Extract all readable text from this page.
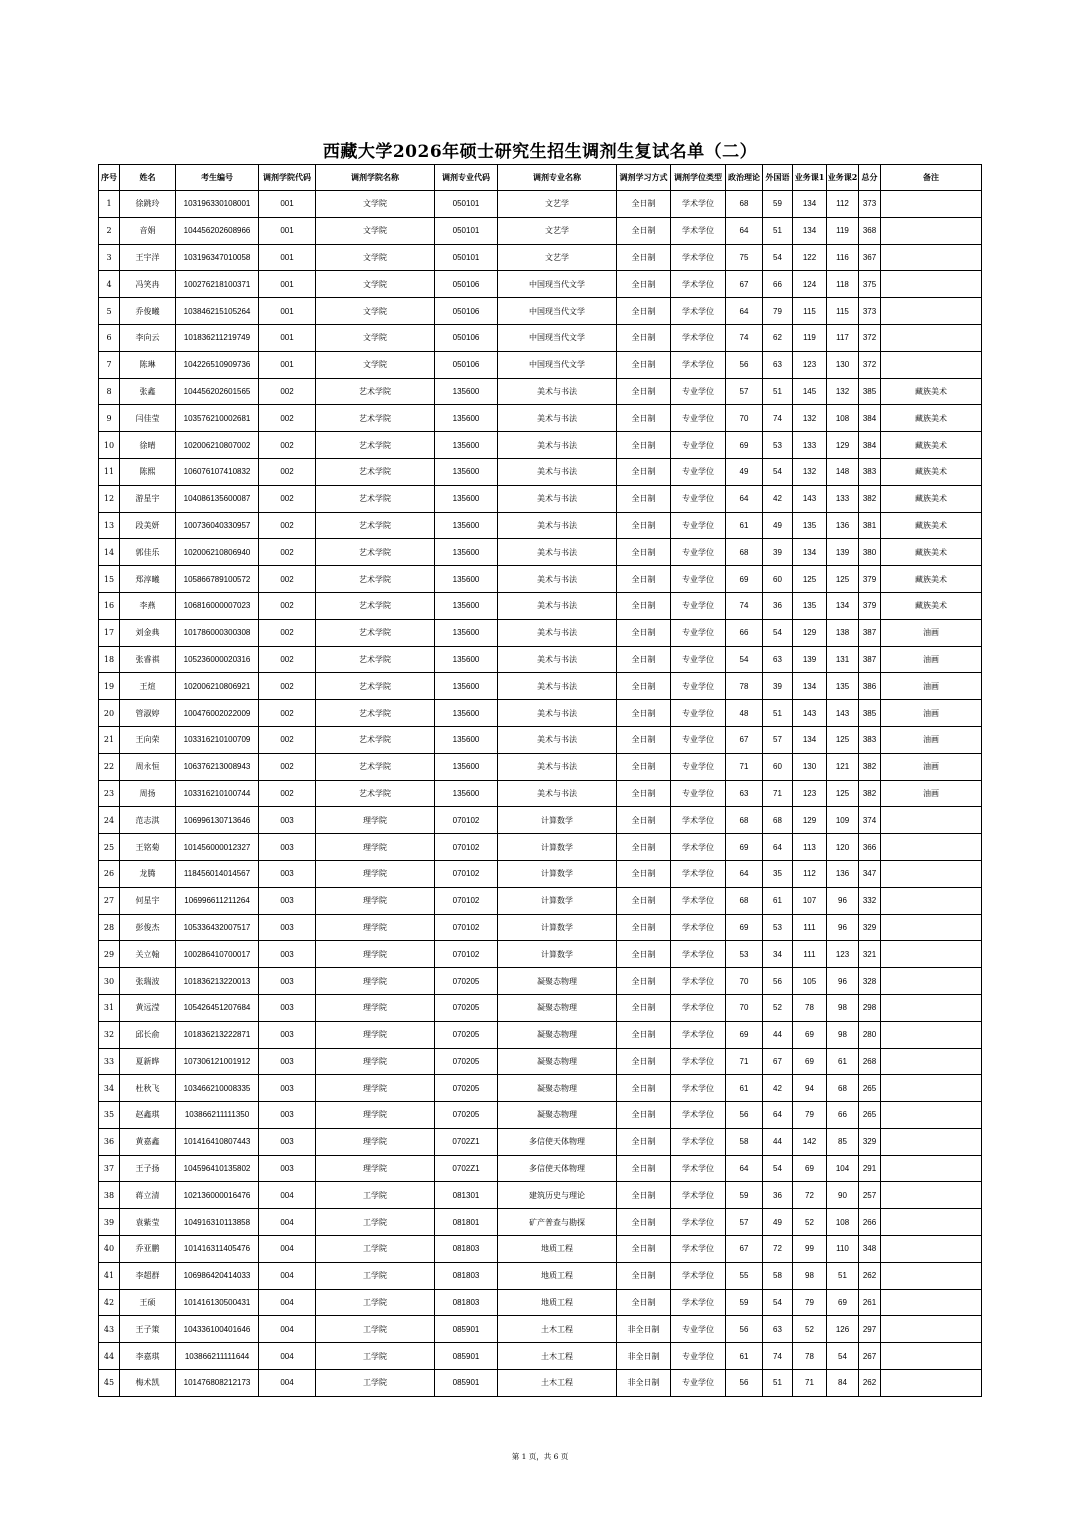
西藏大学2026年硕士研究生招生调剂生复试名单（二）
序号	姓名	考生编号	调剂学院代码	调剂学院名称	调剂专业代码	调剂专业名称	调剂学习方式	调剂学位类型	政治理论	外国语	业务课1	业务课2	总分	备注
1	徐跳玲	103196330108001	001	文学院	050101	文艺学	全日制	学术学位	68	59	134	112	373	
2	音娟	104456202608966	001	文学院	050101	文艺学	全日制	学术学位	64	51	134	119	368	
3	王宇洋	103196347010058	001	文学院	050101	文艺学	全日制	学术学位	75	54	122	116	367	
4	冯笑冉	100276218100371	001	文学院	050106	中国现当代文学	全日制	学术学位	67	66	124	118	375	
5	乔俊曦	103846215105264	001	文学院	050106	中国现当代文学	全日制	学术学位	64	79	115	115	373	
6	李向云	101836211219749	001	文学院	050106	中国现当代文学	全日制	学术学位	74	62	119	117	372	
7	陈琳	104226510909736	001	文学院	050106	中国现当代文学	全日制	学术学位	56	63	123	130	372	
8	张鑫	104456202601565	002	艺术学院	135600	美术与书法	全日制	专业学位	57	51	145	132	385	藏族美术
9	闫佳莹	103576210002681	002	艺术学院	135600	美术与书法	全日制	专业学位	70	74	132	108	384	藏族美术
10	徐晴	102006210807002	002	艺术学院	135600	美术与书法	全日制	专业学位	69	53	133	129	384	藏族美术
11	陈熙	106076107410832	002	艺术学院	135600	美术与书法	全日制	专业学位	49	54	132	148	383	藏族美术
12	游星宇	104086135600087	002	艺术学院	135600	美术与书法	全日制	专业学位	64	42	143	133	382	藏族美术
13	段美妍	100736040330957	002	艺术学院	135600	美术与书法	全日制	专业学位	61	49	135	136	381	藏族美术
14	郭佳乐	102006210806940	002	艺术学院	135600	美术与书法	全日制	专业学位	68	39	134	139	380	藏族美术
15	郑淳曦	105866789100572	002	艺术学院	135600	美术与书法	全日制	专业学位	69	60	125	125	379	藏族美术
16	李燕	106816000007023	002	艺术学院	135600	美术与书法	全日制	专业学位	74	36	135	134	379	藏族美术
17	刘金典	101786000300308	002	艺术学院	135600	美术与书法	全日制	专业学位	66	54	129	138	387	油画
18	张睿祺	105236000020316	002	艺术学院	135600	美术与书法	全日制	专业学位	54	63	139	131	387	油画
19	王煊	102006210806921	002	艺术学院	135600	美术与书法	全日制	专业学位	78	39	134	135	386	油画
20	管淑婷	100476002022009	002	艺术学院	135600	美术与书法	全日制	专业学位	48	51	143	143	385	油画
21	王向荣	103316210100709	002	艺术学院	135600	美术与书法	全日制	专业学位	67	57	134	125	383	油画
22	周永恒	106376213008943	002	艺术学院	135600	美术与书法	全日制	专业学位	71	60	130	121	382	油画
23	周扬	103316210100744	002	艺术学院	135600	美术与书法	全日制	专业学位	63	71	123	125	382	油画
24	范志淇	106996130713646	003	理学院	070102	计算数学	全日制	学术学位	68	68	129	109	374	
25	王铭菊	101456000012327	003	理学院	070102	计算数学	全日制	学术学位	69	64	113	120	366	
26	龙腾	118456014014567	003	理学院	070102	计算数学	全日制	学术学位	64	35	112	136	347	
27	何星宇	106996611211264	003	理学院	070102	计算数学	全日制	学术学位	68	61	107	96	332	
28	彭俊杰	105336432007517	003	理学院	070102	计算数学	全日制	学术学位	69	53	111	96	329	
29	关立翰	100286410700017	003	理学院	070102	计算数学	全日制	学术学位	53	34	111	123	321	
30	张瑞波	101836213220013	003	理学院	070205	凝聚态物理	全日制	学术学位	70	56	105	96	328	
31	黄远滢	105426451207684	003	理学院	070205	凝聚态物理	全日制	学术学位	70	52	78	98	298	
32	邱长俞	101836213222871	003	理学院	070205	凝聚态物理	全日制	学术学位	69	44	69	98	280	
33	夏新晔	107306121001912	003	理学院	070205	凝聚态物理	全日制	学术学位	71	67	69	61	268	
34	杜秋飞	103466210008335	003	理学院	070205	凝聚态物理	全日制	学术学位	61	42	94	68	265	
35	赵鑫琪	103866211111350	003	理学院	070205	凝聚态物理	全日制	学术学位	56	64	79	66	265	
36	黄嘉鑫	101416410807443	003	理学院	0702Z1	多信使天体物理	全日制	学术学位	58	44	142	85	329	
37	王子扬	104596410135802	003	理学院	0702Z1	多信使天体物理	全日制	学术学位	64	54	69	104	291	
38	蒋立清	102136000016476	004	工学院	081301	建筑历史与理论	全日制	学术学位	59	36	72	90	257	
39	袁紫莹	104916310113858	004	工学院	081801	矿产普查与勘探	全日制	学术学位	57	49	52	108	266	
40	乔亚鹏	101416311405476	004	工学院	081803	地质工程	全日制	学术学位	67	72	99	110	348	
41	李超群	106986420414033	004	工学院	081803	地质工程	全日制	学术学位	55	58	98	51	262	
42	王硕	101416130500431	004	工学院	081803	地质工程	全日制	学术学位	59	54	79	69	261	
43	王子策	104336100401646	004	工学院	085901	土木工程	非全日制	专业学位	56	63	52	126	297	
44	李嘉琪	103866211111644	004	工学院	085901	土木工程	非全日制	专业学位	61	74	78	54	267	
45	梅术凯	101476808212173	004	工学院	085901	土木工程	非全日制	专业学位	56	51	71	84	262	
第 1 页，共 6 页
